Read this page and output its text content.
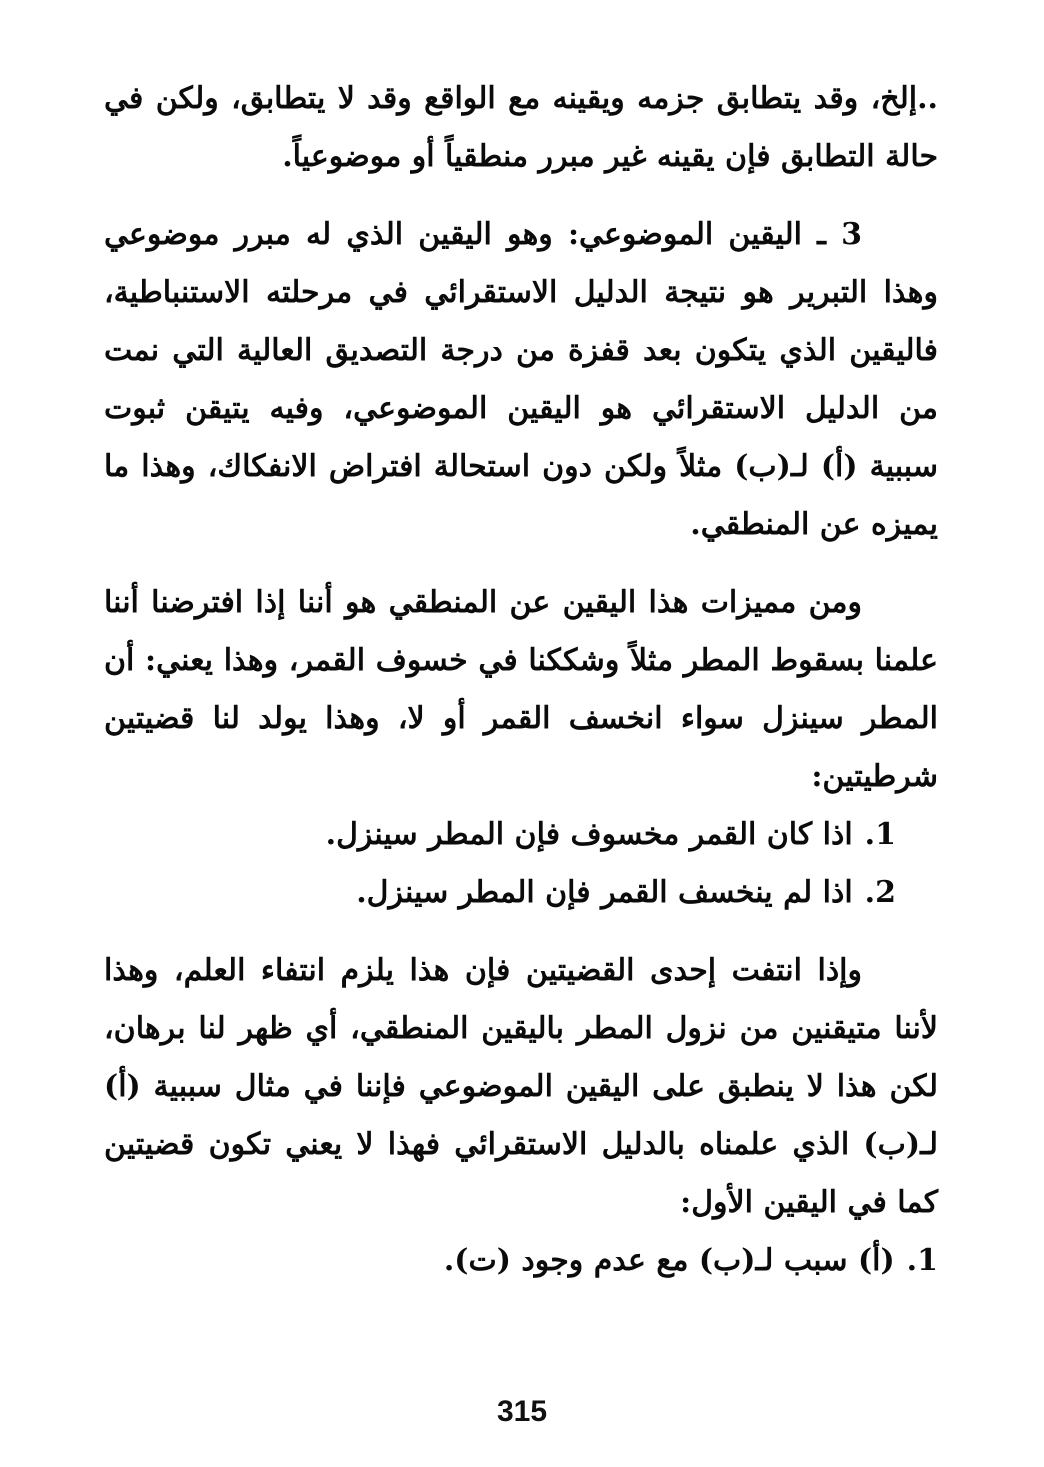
..إلخ، وقد يتطابق جزمه ويقينه مع الواقع وقد لا يتطابق، ولكن في حالة التطابق فإن يقينه غير مبرر منطقياً أو موضوعياً.

3 ـ اليقين الموضوعي: وهو اليقين الذي له مبرر موضوعي وهذا التبرير هو نتيجة الدليل الاستقرائي في مرحلته الاستنباطية، فاليقين الذي يتكون بعد قفزة من درجة التصديق العالية التي نمت من الدليل الاستقرائي هو اليقين الموضوعي، وفيه يتيقن ثبوت سببية (أ) لـ(ب) مثلاً ولكن دون استحالة افتراض الانفكاك، وهذا ما يميزه عن المنطقي.

ومن مميزات هذا اليقين عن المنطقي هو أننا إذا افترضنا أننا علمنا بسقوط المطر مثلاً وشككنا في خسوف القمر، وهذا يعني: أن المطر سينزل سواء انخسف القمر أو لا، وهذا يولد لنا قضيتين شرطيتين:

1.
اذا كان القمر مخسوف فإن المطر سينزل.
2.
اذا لم ينخسف القمر فإن المطر سينزل.

وإذا انتفت إحدى القضيتين فإن هذا يلزم انتفاء العلم، وهذا لأننا متيقنين من نزول المطر باليقين المنطقي، أي ظهر لنا برهان، لكن هذا لا ينطبق على اليقين الموضوعي فإننا في مثال سببية (أ) لـ(ب) الذي علمناه بالدليل الاستقرائي فهذا لا يعني تكون قضيتين كما في اليقين الأول:

1.
(أ) سبب لـ(ب) مع عدم وجود (ت).
315
